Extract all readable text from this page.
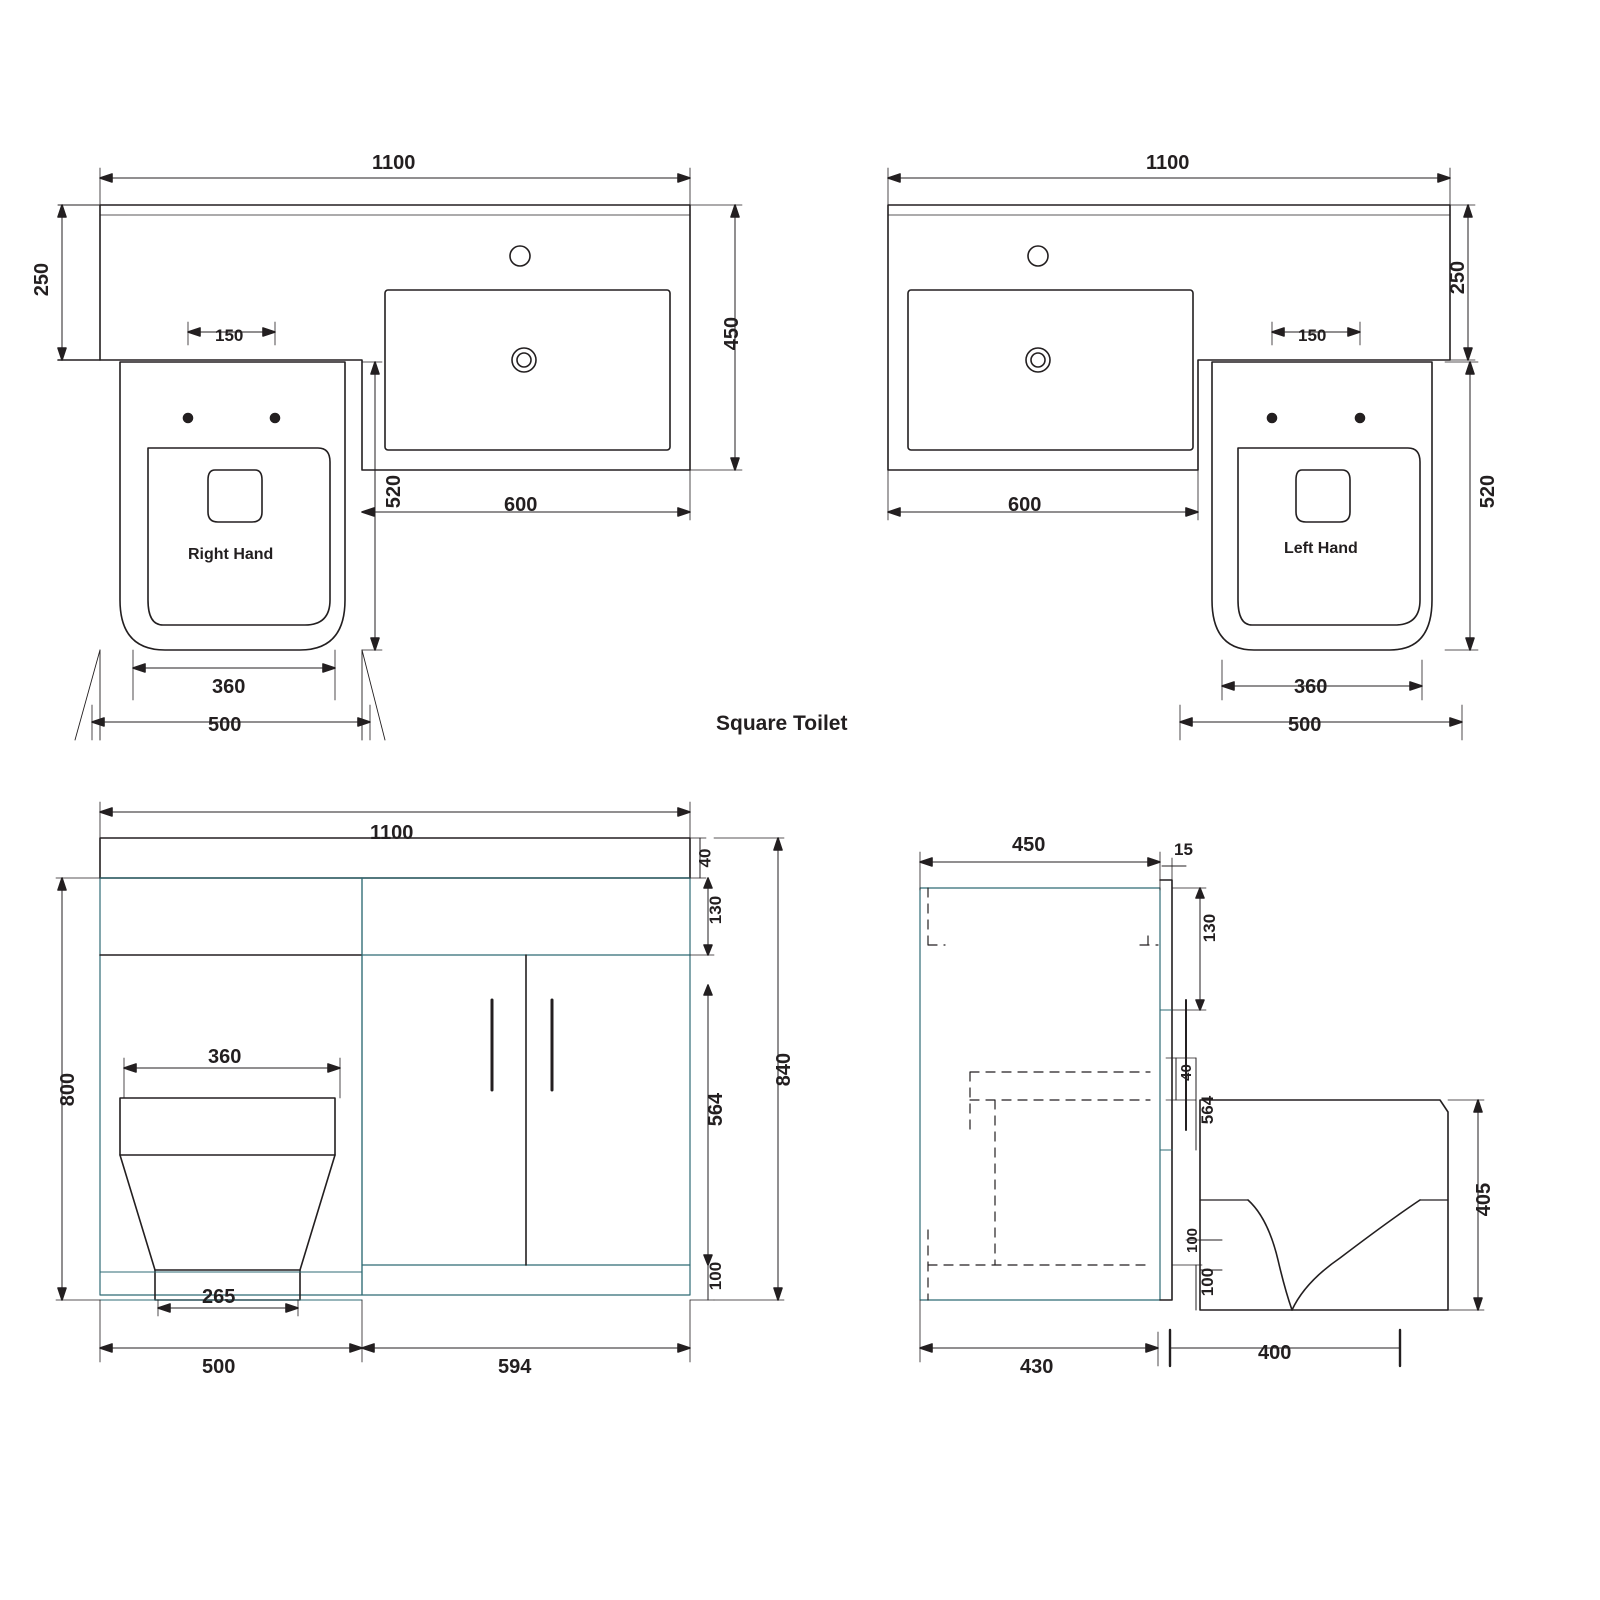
1100
250
450
600
520
150
360
500
Right Hand
1100
250
600	520
150
360
500
Left Hand
Square Toilet
1100
40
130
564
100
840
800
360
265
500	594
450	15
130
40
564
100
100
430
400
405
